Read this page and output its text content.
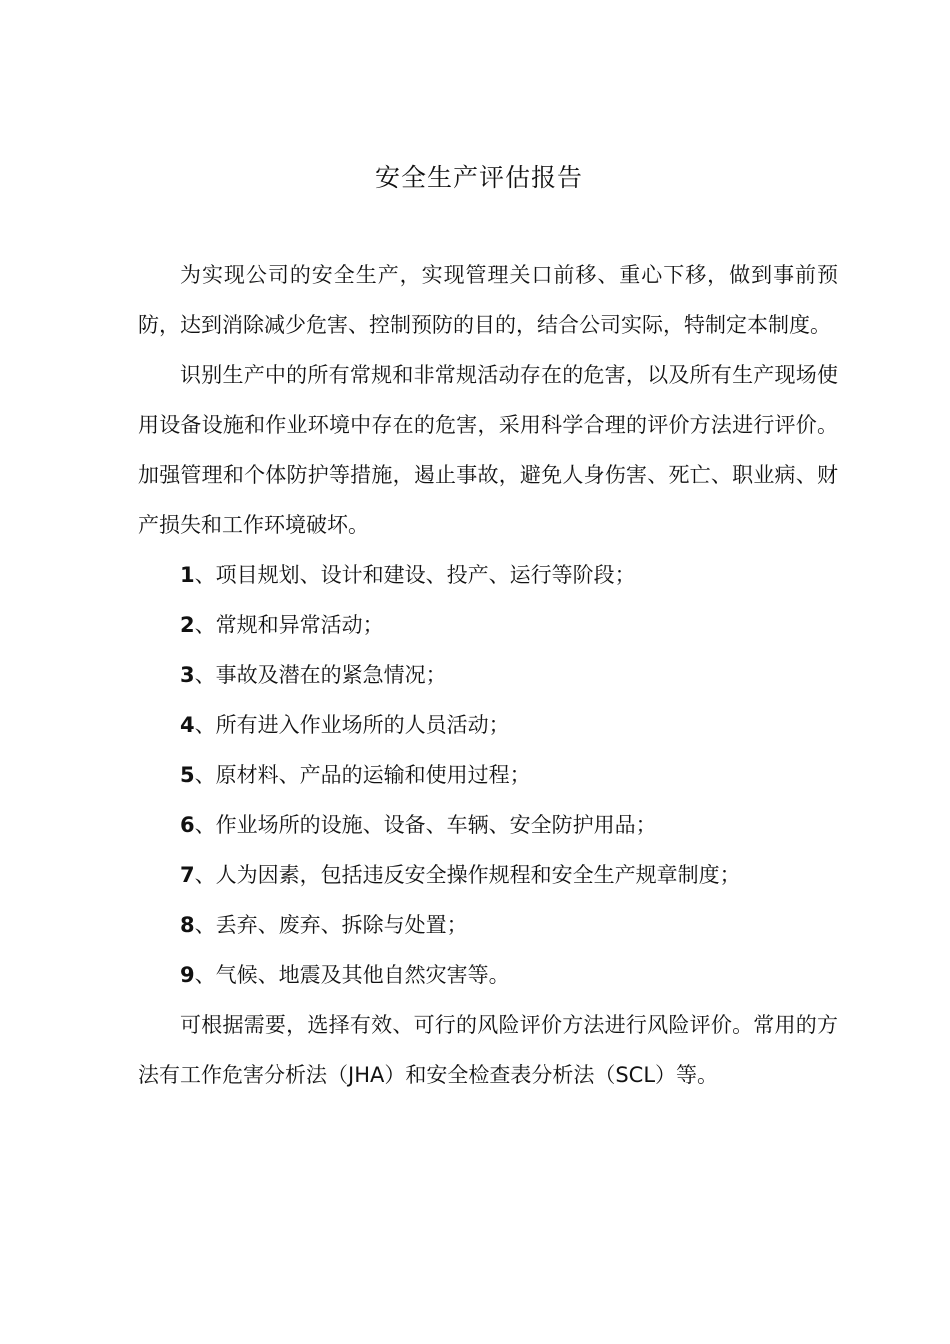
安全生产评估报告

为实现公司的安全生产，实现管理关口前移、重心下移，做到事前预防，达到消除减少危害、控制预防的目的，结合公司实际，特制定本制度。

识别生产中的所有常规和非常规活动存在的危害，以及所有生产现场使用设备设施和作业环境中存在的危害，采用科学合理的评价方法进行评价。加强管理和个体防护等措施，遏止事故，避免人身伤害、死亡、职业病、财产损失和工作环境破坏。

1、项目规划、设计和建设、投产、运行等阶段；

2、常规和异常活动；

3、事故及潜在的紧急情况；

4、所有进入作业场所的人员活动；

5、原材料、产品的运输和使用过程；

6、作业场所的设施、设备、车辆、安全防护用品；

7、人为因素，包括违反安全操作规程和安全生产规章制度；

8、丢弃、废弃、拆除与处置；

9、气候、地震及其他自然灾害等。

可根据需要，选择有效、可行的风险评价方法进行风险评价。常用的方法有工作危害分析法（JHA）和安全检查表分析法（SCL）等。
